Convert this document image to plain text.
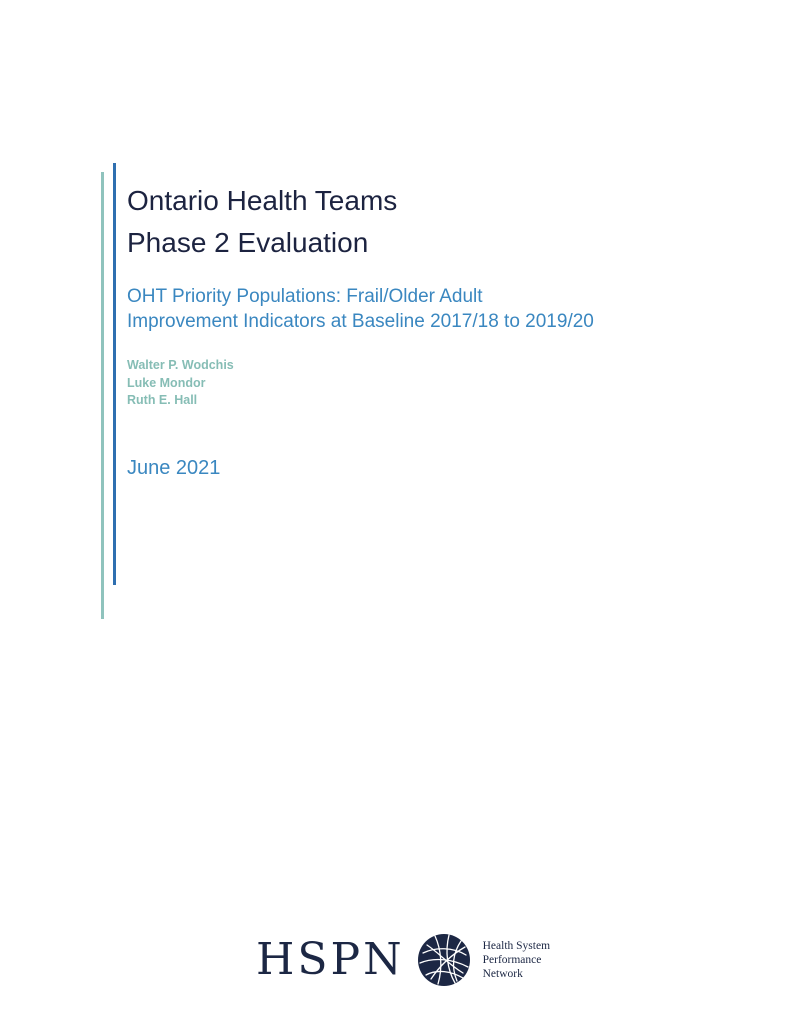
Ontario Health Teams
Phase 2 Evaluation
OHT Priority Populations: Frail/Older Adult
Improvement Indicators at Baseline 2017/18 to 2019/20
Walter P. Wodchis
Luke Mondor
Ruth E. Hall
June 2021
HSPN	Health System
Performance
Network
